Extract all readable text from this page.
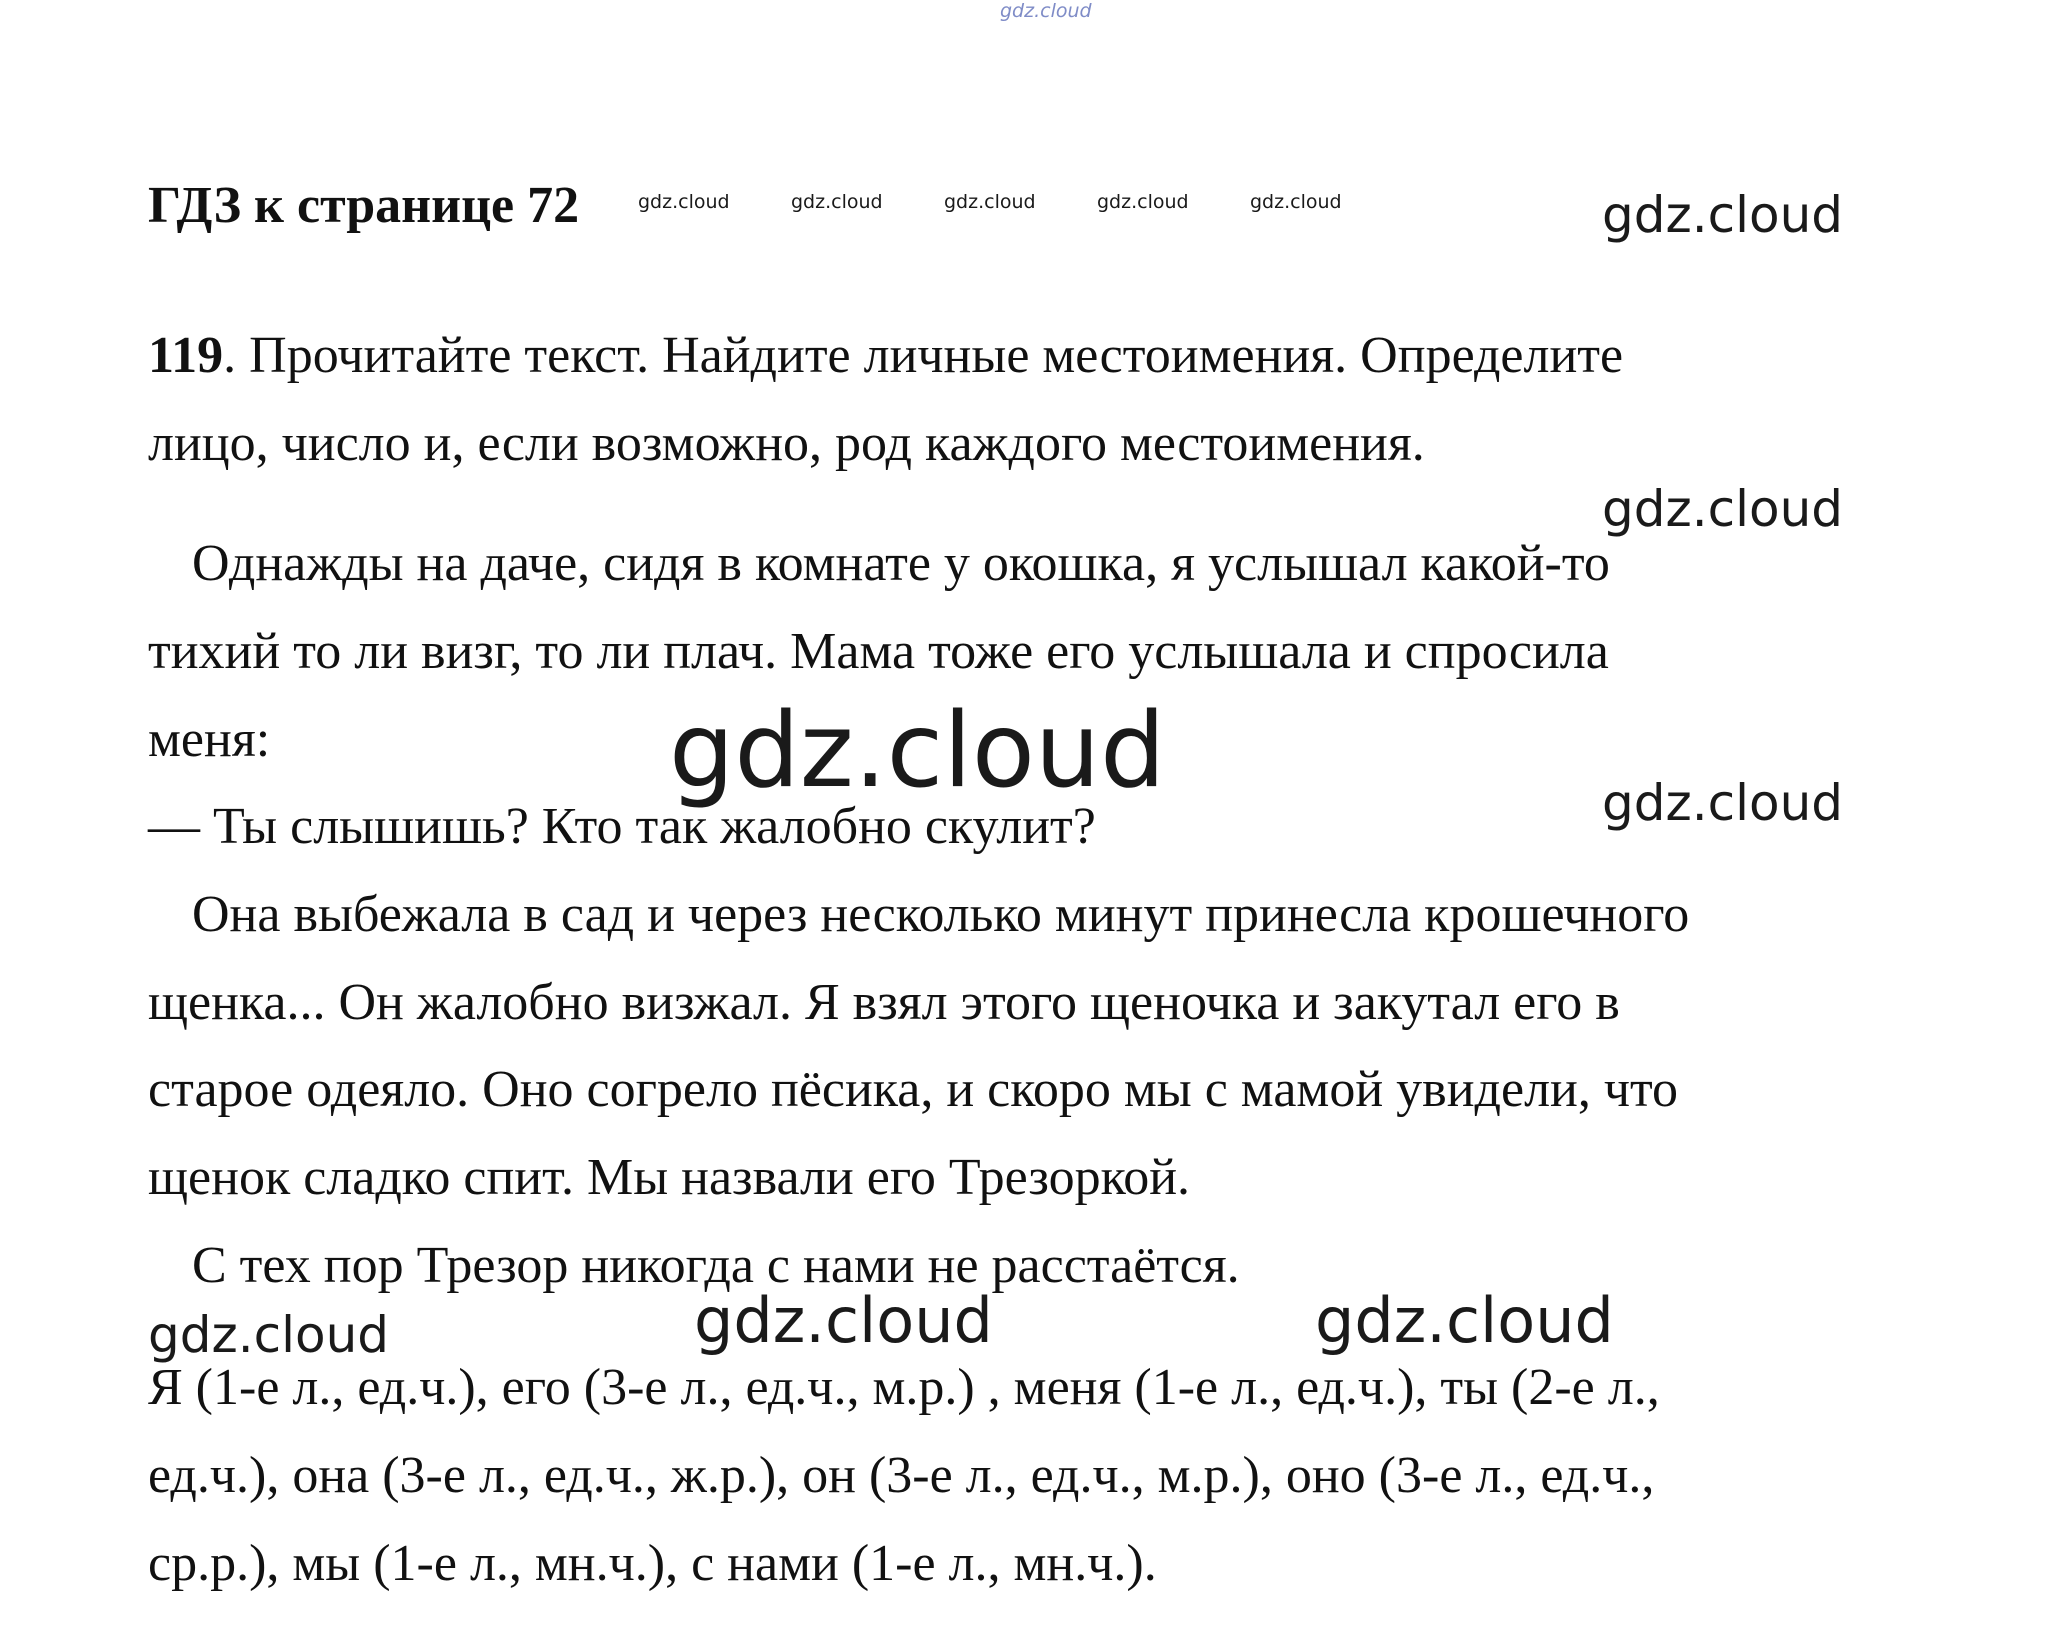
gdz.cloud
gdz.cloud	gdz.cloud	gdz.cloud	gdz.cloud	gdz.cloud	gdz.cloud
gdz.cloud
gdz.cloud	gdz.cloud
gdz.cloud	gdz.cloud	gdz.cloud
ГДЗ к странице 72
119. Прочитайте текст. Найдите личные местоимения. Определите
лицо, число и, если возможно, род каждого местоимения.
Однажды на даче, сидя в комнате у окошка, я услышал какой-то
тихий то ли визг, то ли плач. Мама тоже его услышала и спросила
меня:
— Ты слышишь? Кто так жалобно скулит?
Она выбежала в сад и через несколько минут принесла крошечного
щенка... Он жалобно визжал. Я взял этого щеночка и закутал его в
старое одеяло. Оно согрело пёсика, и скоро мы с мамой увидели, что
щенок сладко спит. Мы назвали его Трезоркой.
С тех пор Трезор никогда с нами не расстаётся.
Я (1-е л., ед.ч.), его (3-е л., ед.ч., м.р.) , меня (1-е л., ед.ч.), ты (2-е л.,
ед.ч.), она (3-е л., ед.ч., ж.р.), он (3-е л., ед.ч., м.р.), оно (3-е л., ед.ч.,
ср.р.), мы (1-е л., мн.ч.), с нами (1-е л., мн.ч.).
